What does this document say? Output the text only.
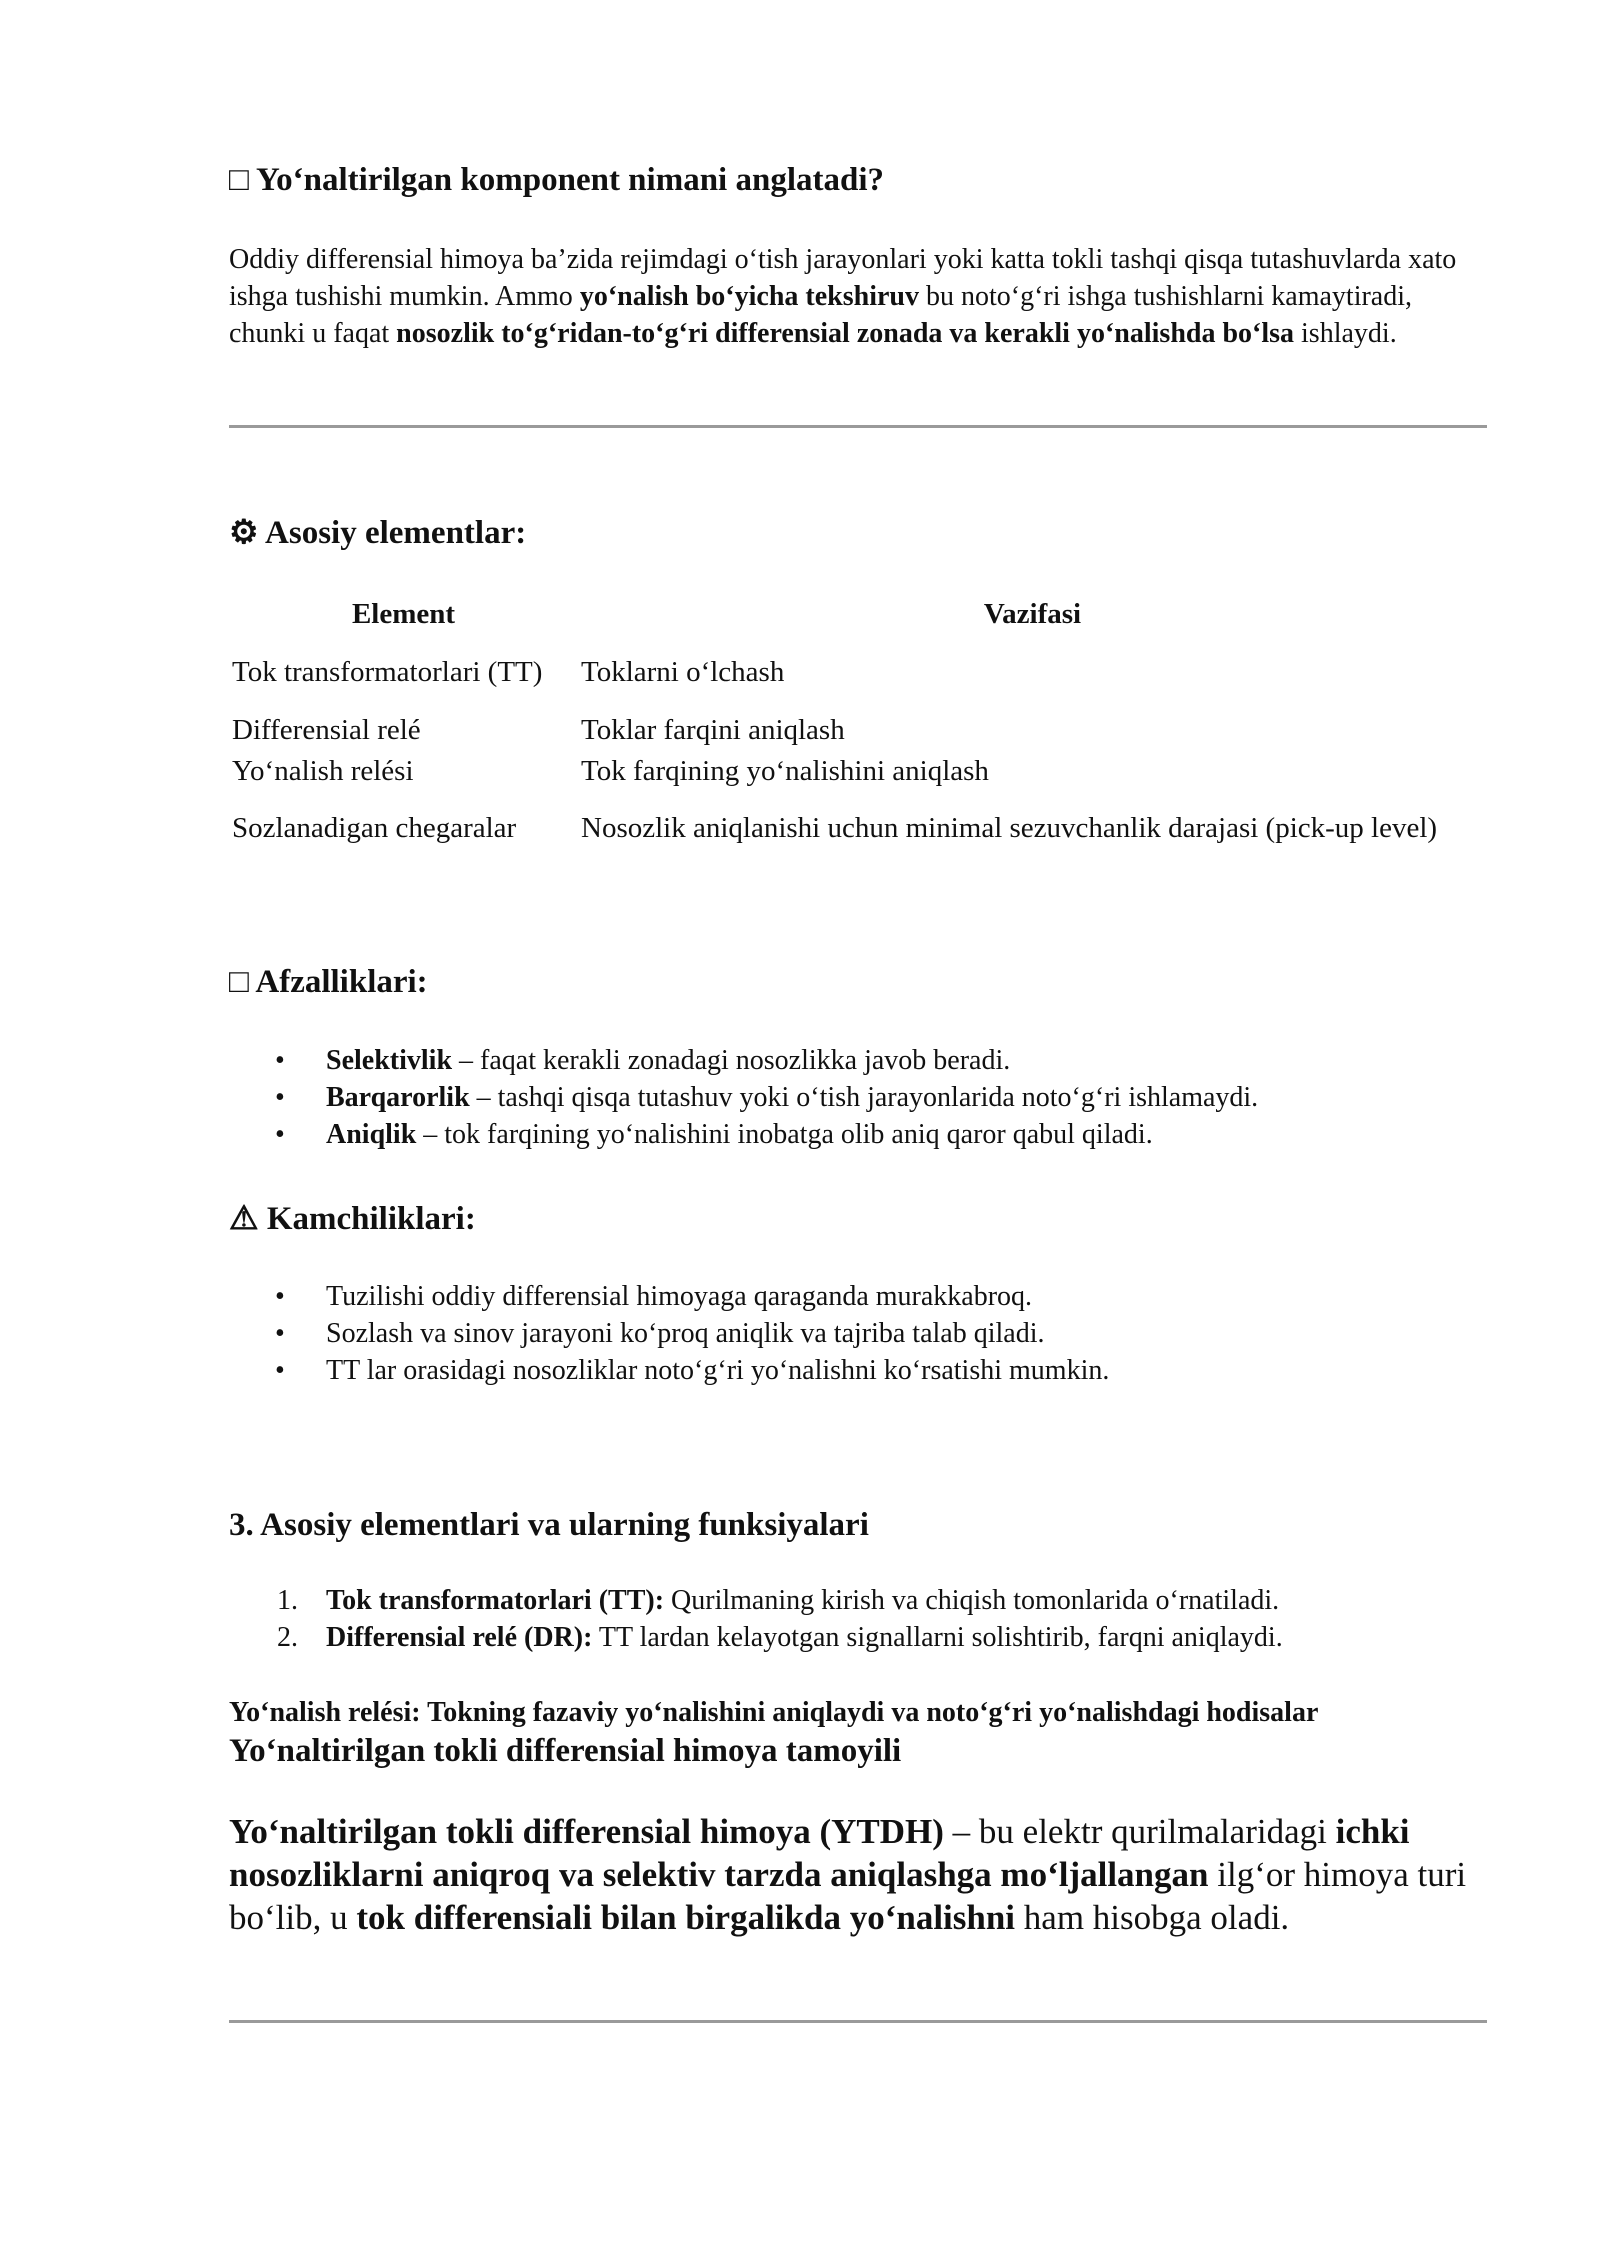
□ Yo‘naltirilgan komponent nimani anglatadi?

Oddiy differensial himoya ba’zida rejimdagi o‘tish jarayonlari yoki katta tokli tashqi qisqa tutashuvlarda xato ishga tushishi mumkin. Ammo yo‘nalish bo‘yicha tekshiruv bu noto‘g‘ri ishga tushishlarni kamaytiradi, chunki u faqat nosozlik to‘g‘ridan-to‘g‘ri differensial zonada va kerakli yo‘nalishda bo‘lsa ishlaydi.

⚙ Asosiy elementlar:
Element	Vazifasi
Tok transformatorlari (TT)	Toklarni o‘lchash
Differensial relé	Toklar farqini aniqlash
Yo‘nalish relési	Tok farqining yo‘nalishini aniqlash
Sozlanadigan chegaralar	Nosozlik aniqlanishi uchun minimal sezuvchanlik darajasi (pick-up level)
□ Afzalliklari:
• Selektivlik – faqat kerakli zonadagi nosozlikka javob beradi.
• Barqarorlik – tashqi qisqa tutashuv yoki o‘tish jarayonlarida noto‘g‘ri ishlamaydi.
• Aniqlik – tok farqining yo‘nalishini inobatga olib aniq qaror qabul qiladi.
⚠ Kamchiliklari:
• Tuzilishi oddiy differensial himoyaga qaraganda murakkabroq.
• Sozlash va sinov jarayoni ko‘proq aniqlik va tajriba talab qiladi.
• TT lar orasidagi nosozliklar noto‘g‘ri yo‘nalishni ko‘rsatishi mumkin.
3. Asosiy elementlari va ularning funksiyalari
1. Tok transformatorlari (TT): Qurilmaning kirish va chiqish tomonlarida o‘rnatiladi.
2. Differensial relé (DR): TT lardan kelayotgan signallarni solishtirib, farqni aniqlaydi.

Yo‘nalish relési: Tokning fazaviy yo‘nalishini aniqlaydi va noto‘g‘ri yo‘nalishdagi hodisalar Yo‘naltirilgan tokli differensial himoya tamoyili

Yo‘naltirilgan tokli differensial himoya (YTDH) – bu elektr qurilmalaridagi ichki nosozliklarni aniqroq va selektiv tarzda aniqlashga mo‘ljallangan ilg‘or himoya turi bo‘lib, u tok differensiali bilan birgalikda yo‘nalishni ham hisobga oladi.
